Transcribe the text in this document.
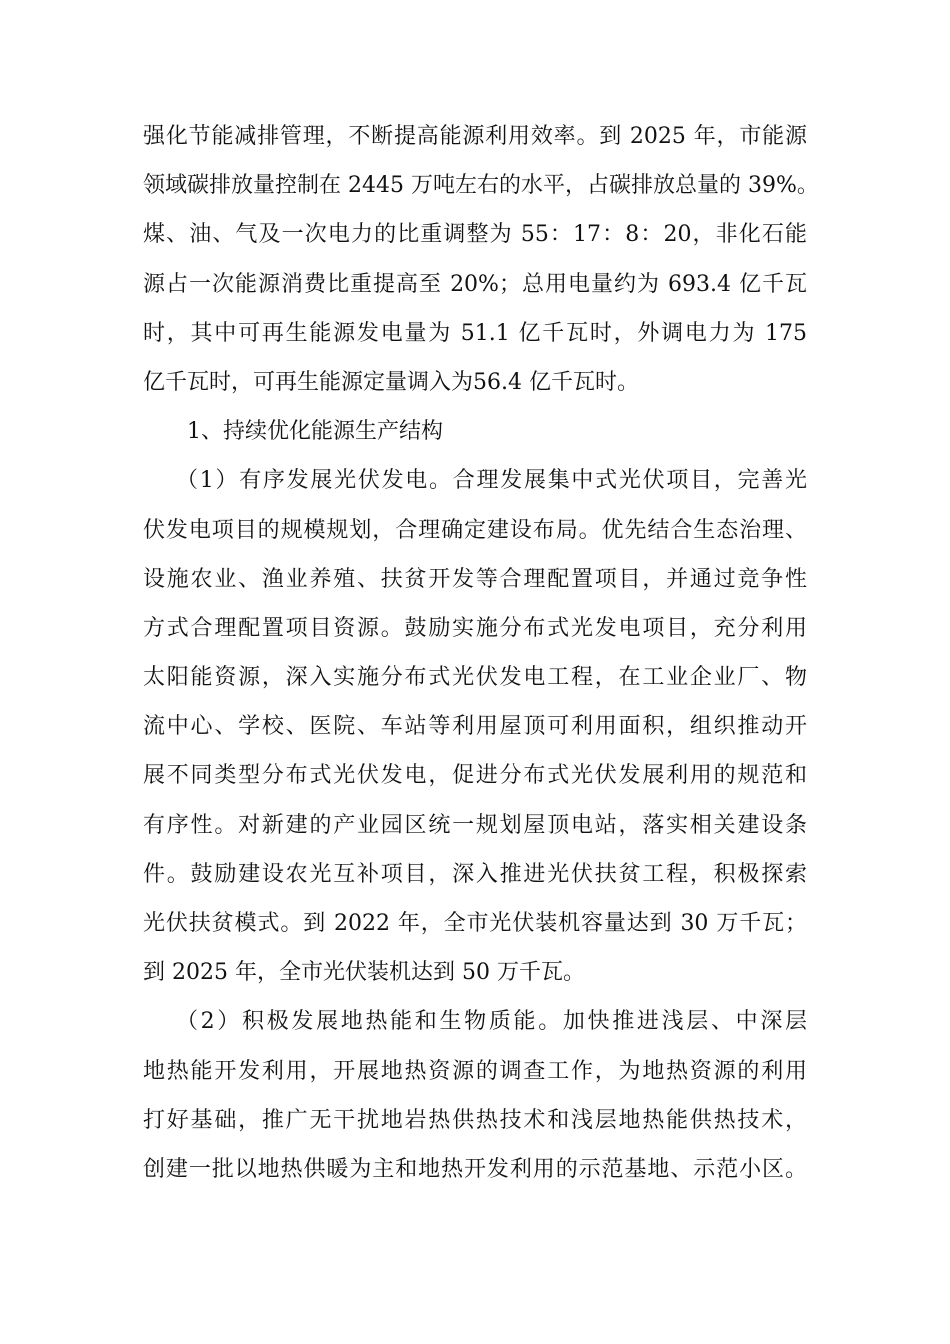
强化节能减排管理，不断提高能源利用效率。到 2025 年，市能源
领域碳排放量控制在 2445 万吨左右的水平，占碳排放总量的 39%。
煤、油、气及一次电力的比重调整为 55：17：8：20，非化石能
源占一次能源消费比重提高至 20%；总用电量约为 693.4 亿千瓦
时，其中可再生能源发电量为 51.1 亿千瓦时，外调电力为 175
亿千瓦时，可再生能源定量调入为56.4 亿千瓦时。
1、持续优化能源生产结构
（1）有序发展光伏发电。合理发展集中式光伏项目，完善光
伏发电项目的规模规划，合理确定建设布局。优先结合生态治理、
设施农业、渔业养殖、扶贫开发等合理配置项目，并通过竞争性
方式合理配置项目资源。鼓励实施分布式光发电项目，充分利用
太阳能资源，深入实施分布式光伏发电工程，在工业企业厂、物
流中心、学校、医院、车站等利用屋顶可利用面积，组织推动开
展不同类型分布式光伏发电，促进分布式光伏发展利用的规范和
有序性。对新建的产业园区统一规划屋顶电站，落实相关建设条
件。鼓励建设农光互补项目，深入推进光伏扶贫工程，积极探索
光伏扶贫模式。到 2022 年，全市光伏装机容量达到 30 万千瓦；
到 2025 年，全市光伏装机达到 50 万千瓦。
（2）积极发展地热能和生物质能。加快推进浅层、中深层
地热能开发利用，开展地热资源的调查工作，为地热资源的利用
打好基础，推广无干扰地岩热供热技术和浅层地热能供热技术，
创建一批以地热供暖为主和地热开发利用的示范基地、示范小区。
